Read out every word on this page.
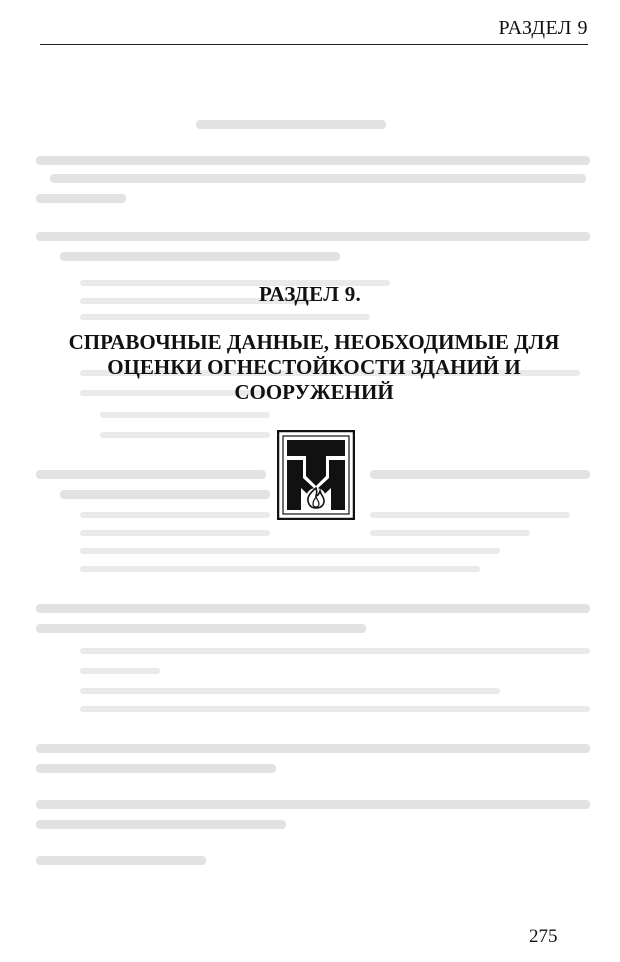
РАЗДЕЛ 9
РАЗДЕЛ 9.
СПРАВОЧНЫЕ ДАННЫЕ, НЕОБХОДИМЫЕ ДЛЯ
ОЦЕНКИ ОГНЕСТОЙКОСТИ ЗДАНИЙ И
СООРУЖЕНИЙ
275
